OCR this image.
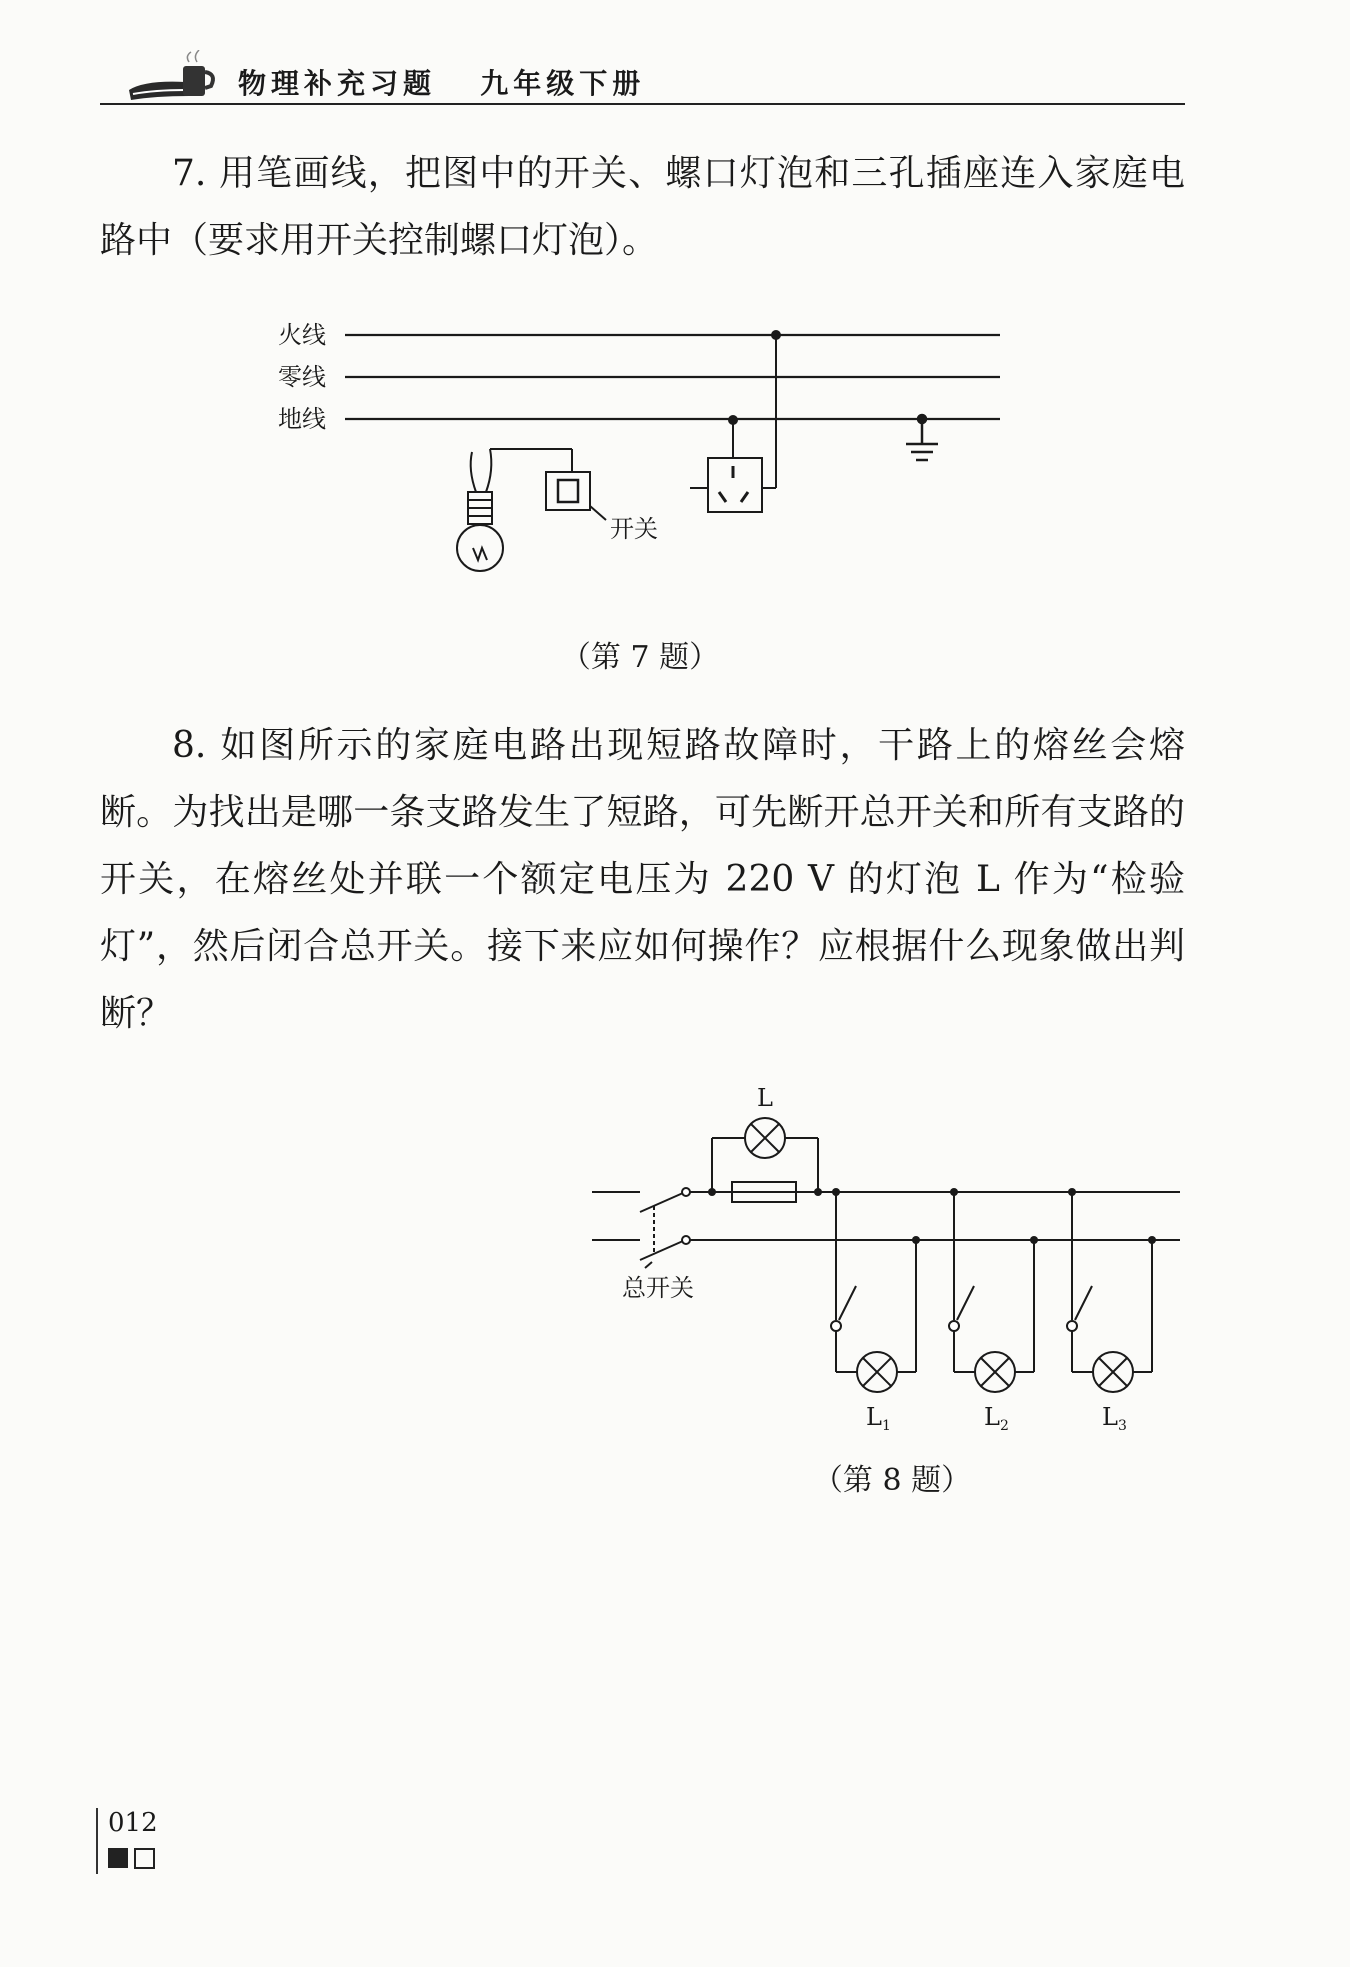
物理补充习题 九年级下册

7. 用笔画线，把图中的开关、螺口灯泡和三孔插座连入家庭电路中（要求用开关控制螺口灯泡）。

火线
零线
地线
开关
（第 7 题）

8. 如图所示的家庭电路出现短路故障时，干路上的熔丝会熔断。为找出是哪一条支路发生了短路，可先断开总开关和所有支路的开关，在熔丝处并联一个额定电压为 220 V 的灯泡 L 作为“检验灯”，然后闭合总开关。接下来应如何操作？应根据什么现象做出判断？

总开关
L
$L_1$	$L_2$	$L_3$
（第 8 题）
012
